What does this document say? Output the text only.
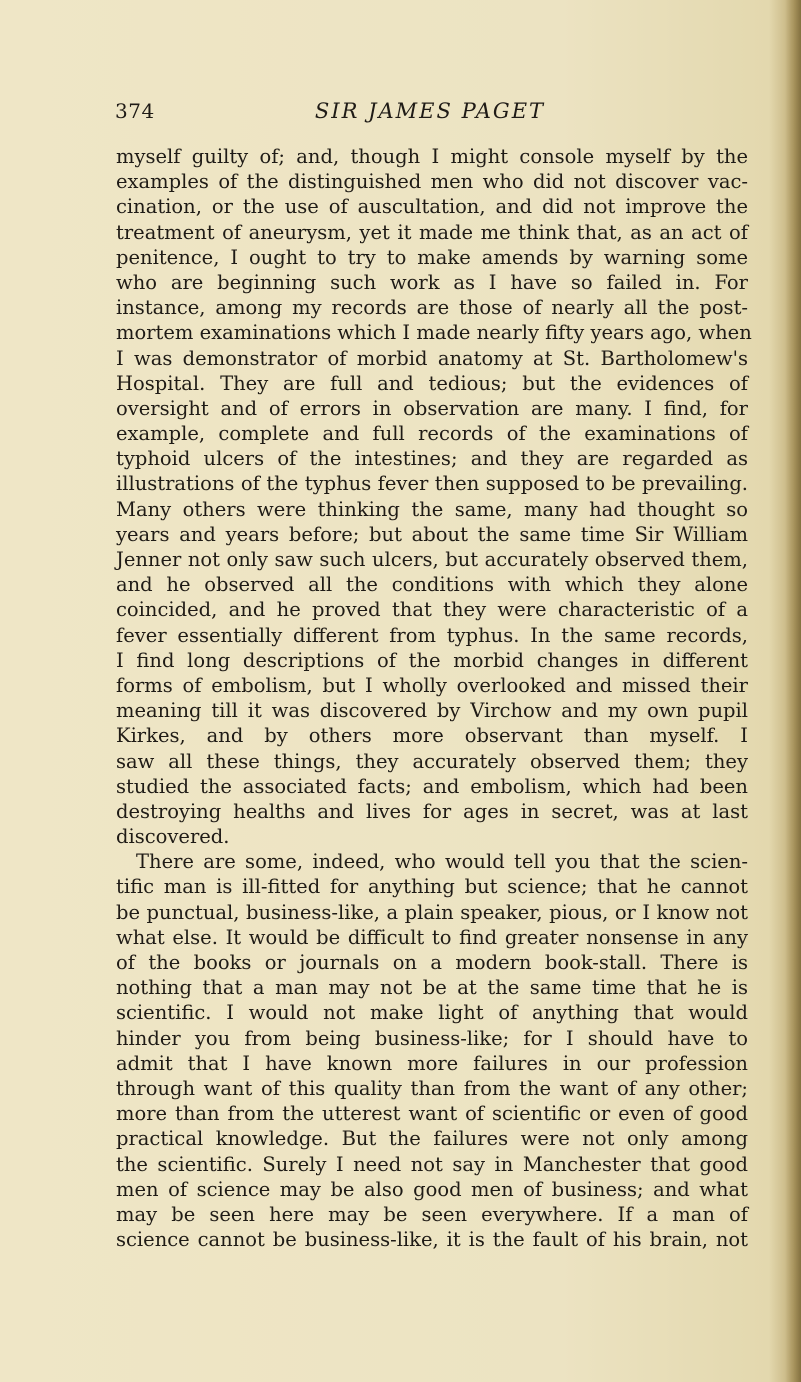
374	SIR JAMES PAGET
myself guilty of; and, though I might console myself by the
examples of the distinguished men who did not discover vac-
cination, or the use of auscultation, and did not improve the
treatment of aneurysm, yet it made me think that, as an act of
penitence, I ought to try to make amends by warning some
who are beginning such work as I have so failed in. For
instance, among my records are those of nearly all the post-
mortem examinations which I made nearly fifty years ago, when
I was demonstrator of morbid anatomy at St. Bartholomew's
Hospital. They are full and tedious; but the evidences of
oversight and of errors in observation are many. I find, for
example, complete and full records of the examinations of
typhoid ulcers of the intestines; and they are regarded as
illustrations of the typhus fever then supposed to be prevailing.
Many others were thinking the same, many had thought so
years and years before; but about the same time Sir William
Jenner not only saw such ulcers, but accurately observed them,
and he observed all the conditions with which they alone
coincided, and he proved that they were characteristic of a
fever essentially different from typhus. In the same records,
I find long descriptions of the morbid changes in different
forms of embolism, but I wholly overlooked and missed their
meaning till it was discovered by Virchow and my own pupil
Kirkes, and by others more observant than myself. I
saw all these things, they accurately observed them; they
studied the associated facts; and embolism, which had been
destroying healths and lives for ages in secret, was at last
discovered.
There are some, indeed, who would tell you that the scien-
tific man is ill-fitted for anything but science; that he cannot
be punctual, business-like, a plain speaker, pious, or I know not
what else. It would be difficult to find greater nonsense in any
of the books or journals on a modern book-stall. There is
nothing that a man may not be at the same time that he is
scientific. I would not make light of anything that would
hinder you from being business-like; for I should have to
admit that I have known more failures in our profession
through want of this quality than from the want of any other;
more than from the utterest want of scientific or even of good
practical knowledge. But the failures were not only among
the scientific. Surely I need not say in Manchester that good
men of science may be also good men of business; and what
may be seen here may be seen everywhere. If a man of
science cannot be business-like, it is the fault of his brain, not
